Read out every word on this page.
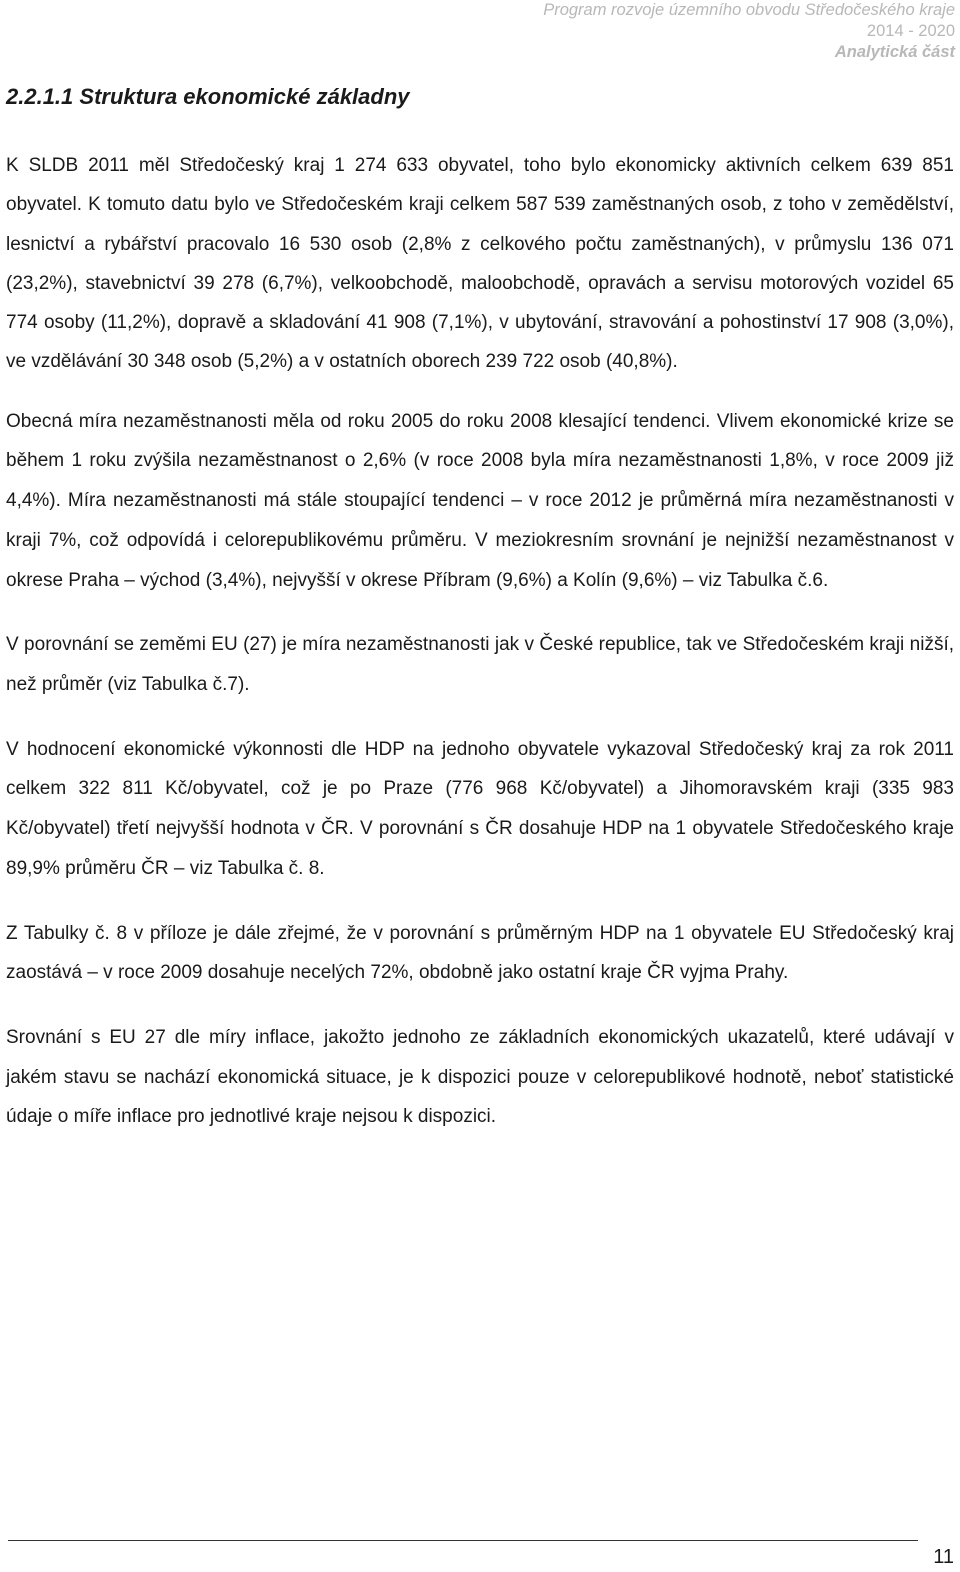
Program rozvoje územního obvodu Středočeského kraje
2014 - 2020
Analytická část
2.2.1.1 Struktura ekonomické základny

K SLDB 2011 měl Středočeský kraj 1 274 633 obyvatel, toho bylo ekonomicky aktivních celkem 639 851 obyvatel. K tomuto datu bylo ve Středočeském kraji celkem 587 539 zaměstnaných osob, z toho v zemědělství, lesnictví a rybářství pracovalo 16 530 osob (2,8% z celkového počtu zaměstnaných), v průmyslu 136 071 (23,2%), stavebnictví 39 278 (6,7%), velkoobchodě, maloobchodě, opravách a servisu motorových vozidel 65 774 osoby (11,2%), dopravě a skladování 41 908 (7,1%), v ubytování, stravování a pohostinství 17 908 (3,0%), ve vzdělávání 30 348 osob (5,2%) a v ostatních oborech 239 722 osob (40,8%).

Obecná míra nezaměstnanosti měla od roku 2005 do roku 2008 klesající tendenci. Vlivem ekonomické krize se během 1 roku zvýšila nezaměstnanost o 2,6% (v roce 2008 byla míra nezaměstnanosti 1,8%, v roce 2009 již 4,4%). Míra nezaměstnanosti má stále stoupající tendenci – v roce 2012 je průměrná míra nezaměstnanosti v kraji 7%, což odpovídá i celorepublikovému průměru. V meziokresním srovnání je nejnižší nezaměstnanost v okrese Praha – východ (3,4%), nejvyšší v okrese Příbram (9,6%) a Kolín (9,6%) – viz Tabulka č.6.

V porovnání se zeměmi EU (27) je míra nezaměstnanosti jak v České republice, tak ve Středočeském kraji nižší, než průměr (viz Tabulka č.7).

V hodnocení ekonomické výkonnosti dle HDP na jednoho obyvatele vykazoval Středočeský kraj za rok 2011 celkem 322 811 Kč/obyvatel, což je po Praze (776 968 Kč/obyvatel) a Jihomoravském kraji (335 983 Kč/obyvatel) třetí nejvyšší hodnota v ČR. V porovnání s ČR dosahuje HDP na 1 obyvatele Středočeského kraje 89,9% průměru ČR – viz Tabulka č. 8.

Z Tabulky č. 8 v příloze je dále zřejmé, že v porovnání s průměrným HDP na 1 obyvatele EU Středočeský kraj zaostává – v roce 2009 dosahuje necelých 72%, obdobně jako ostatní kraje ČR vyjma Prahy.

Srovnání s EU 27 dle míry inflace, jakožto jednoho ze základních ekonomických ukazatelů, které udávají v jakém stavu se nachází ekonomická situace, je k dispozici pouze v celorepublikové hodnotě, neboť statistické údaje o míře inflace pro jednotlivé kraje nejsou k dispozici.

11
